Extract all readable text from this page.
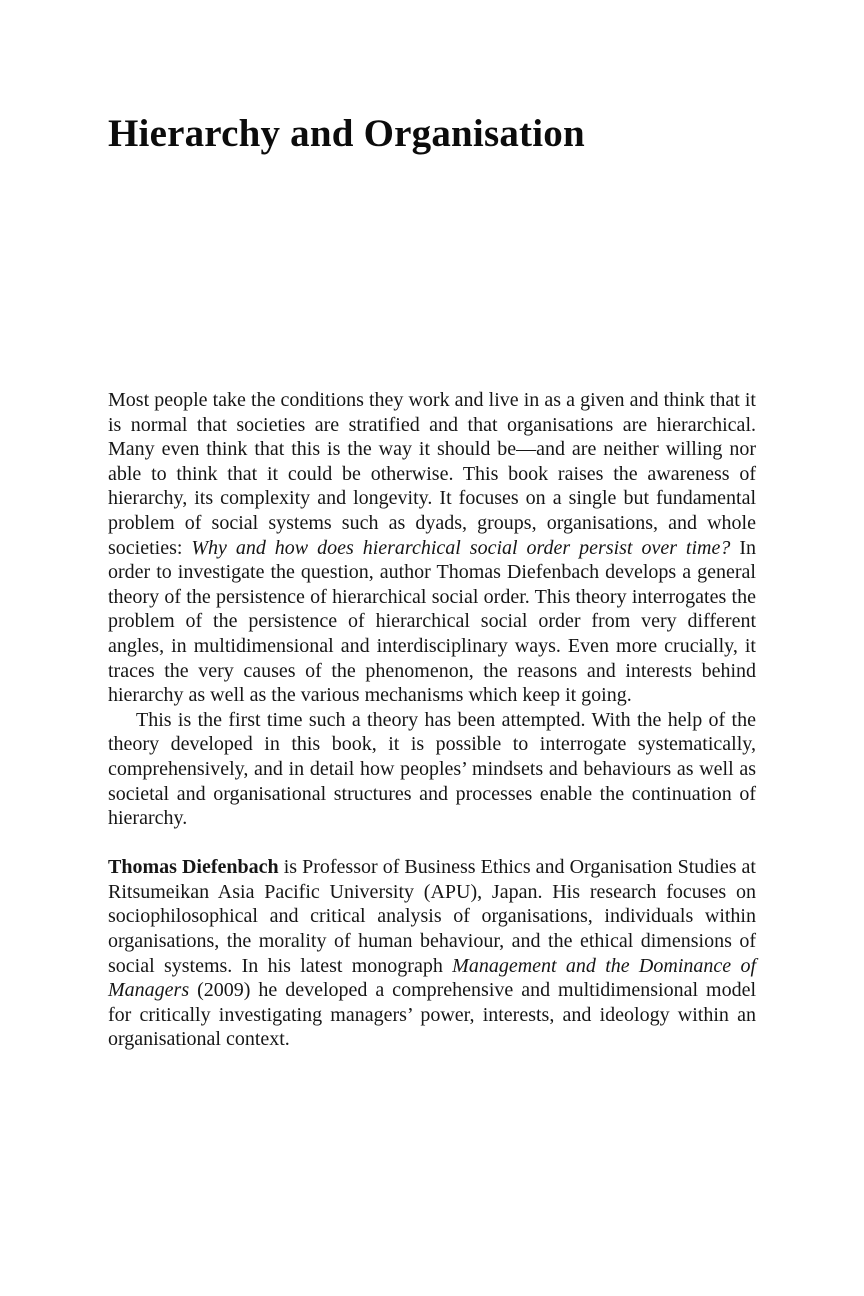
Hierarchy and Organisation

Most people take the conditions they work and live in as a given and think that it is normal that societies are stratified and that organisations are hierarchical. Many even think that this is the way it should be—and are neither willing nor able to think that it could be otherwise. This book raises the awareness of hierarchy, its complexity and longevity. It focuses on a single but fundamental problem of social systems such as dyads, groups, organisations, and whole societies: Why and how does hierarchical social order persist over time? In order to investigate the question, author Thomas Diefenbach develops a general theory of the persistence of hierarchical social order. This theory interrogates the problem of the persistence of hierarchical social order from very different angles, in multidimensional and interdisciplinary ways. Even more crucially, it traces the very causes of the phenomenon, the reasons and interests behind hierarchy as well as the various mechanisms which keep it going.

This is the first time such a theory has been attempted. With the help of the theory developed in this book, it is possible to interrogate systematically, comprehensively, and in detail how peoples’ mindsets and behaviours as well as societal and organisational structures and processes enable the continuation of hierarchy.

Thomas Diefenbach is Professor of Business Ethics and Organisation Studies at Ritsumeikan Asia Pacific University (APU), Japan. His research focuses on sociophilosophical and critical analysis of organisations, individuals within organisations, the morality of human behaviour, and the ethical dimensions of social systems. In his latest monograph Management and the Dominance of Managers (2009) he developed a comprehensive and multidimensional model for critically investigating managers’ power, interests, and ideology within an organisational context.
